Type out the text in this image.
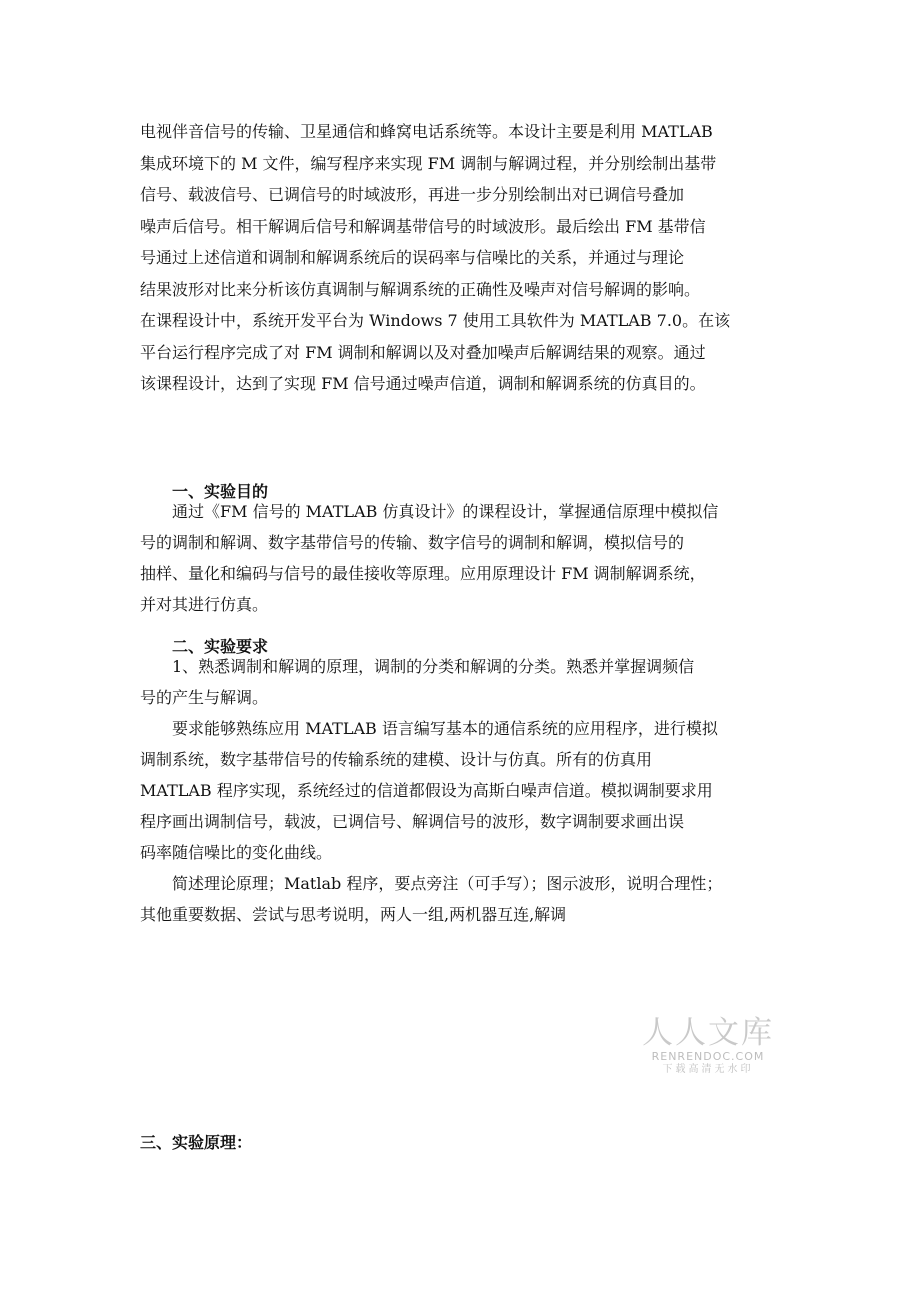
电视伴音信号的传输、卫星通信和蜂窝电话系统等。本设计主要是利用 MATLAB

集成环境下的 M 文件，编写程序来实现 FM 调制与解调过程，并分别绘制出基带

信号、载波信号、已调信号的时域波形，再进一步分别绘制出对已调信号叠加

噪声后信号。相干解调后信号和解调基带信号的时域波形。最后绘出 FM 基带信

号通过上述信道和调制和解调系统后的误码率与信噪比的关系，并通过与理论

结果波形对比来分析该仿真调制与解调系统的正确性及噪声对信号解调的影响。

在课程设计中，系统开发平台为 Windows 7 使用工具软件为 MATLAB 7.0。在该

平台运行程序完成了对 FM 调制和解调以及对叠加噪声后解调结果的观察。通过

该课程设计，达到了实现 FM 信号通过噪声信道，调制和解调系统的仿真目的。

一、实验目的

通过《FM 信号的 MATLAB 仿真设计》的课程设计，掌握通信原理中模拟信

号的调制和解调、数字基带信号的传输、数字信号的调制和解调，模拟信号的

抽样、量化和编码与信号的最佳接收等原理。应用原理设计 FM 调制解调系统，

并对其进行仿真。

二、实验要求

1、熟悉调制和解调的原理，调制的分类和解调的分类。熟悉并掌握调频信

号的产生与解调。

要求能够熟练应用 MATLAB 语言编写基本的通信系统的应用程序，进行模拟

调制系统，数字基带信号的传输系统的建模、设计与仿真。所有的仿真用

MATLAB 程序实现，系统经过的信道都假设为高斯白噪声信道。模拟调制要求用

程序画出调制信号，载波，已调信号、解调信号的波形，数字调制要求画出误

码率随信噪比的变化曲线。

简述理论原理；Matlab 程序，要点旁注（可手写）；图示波形，说明合理性；

其他重要数据、尝试与思考说明，两人一组,两机器互连,解调

人人文库
RENRENDOC.COM
下载高清无水印

三、实验原理：
